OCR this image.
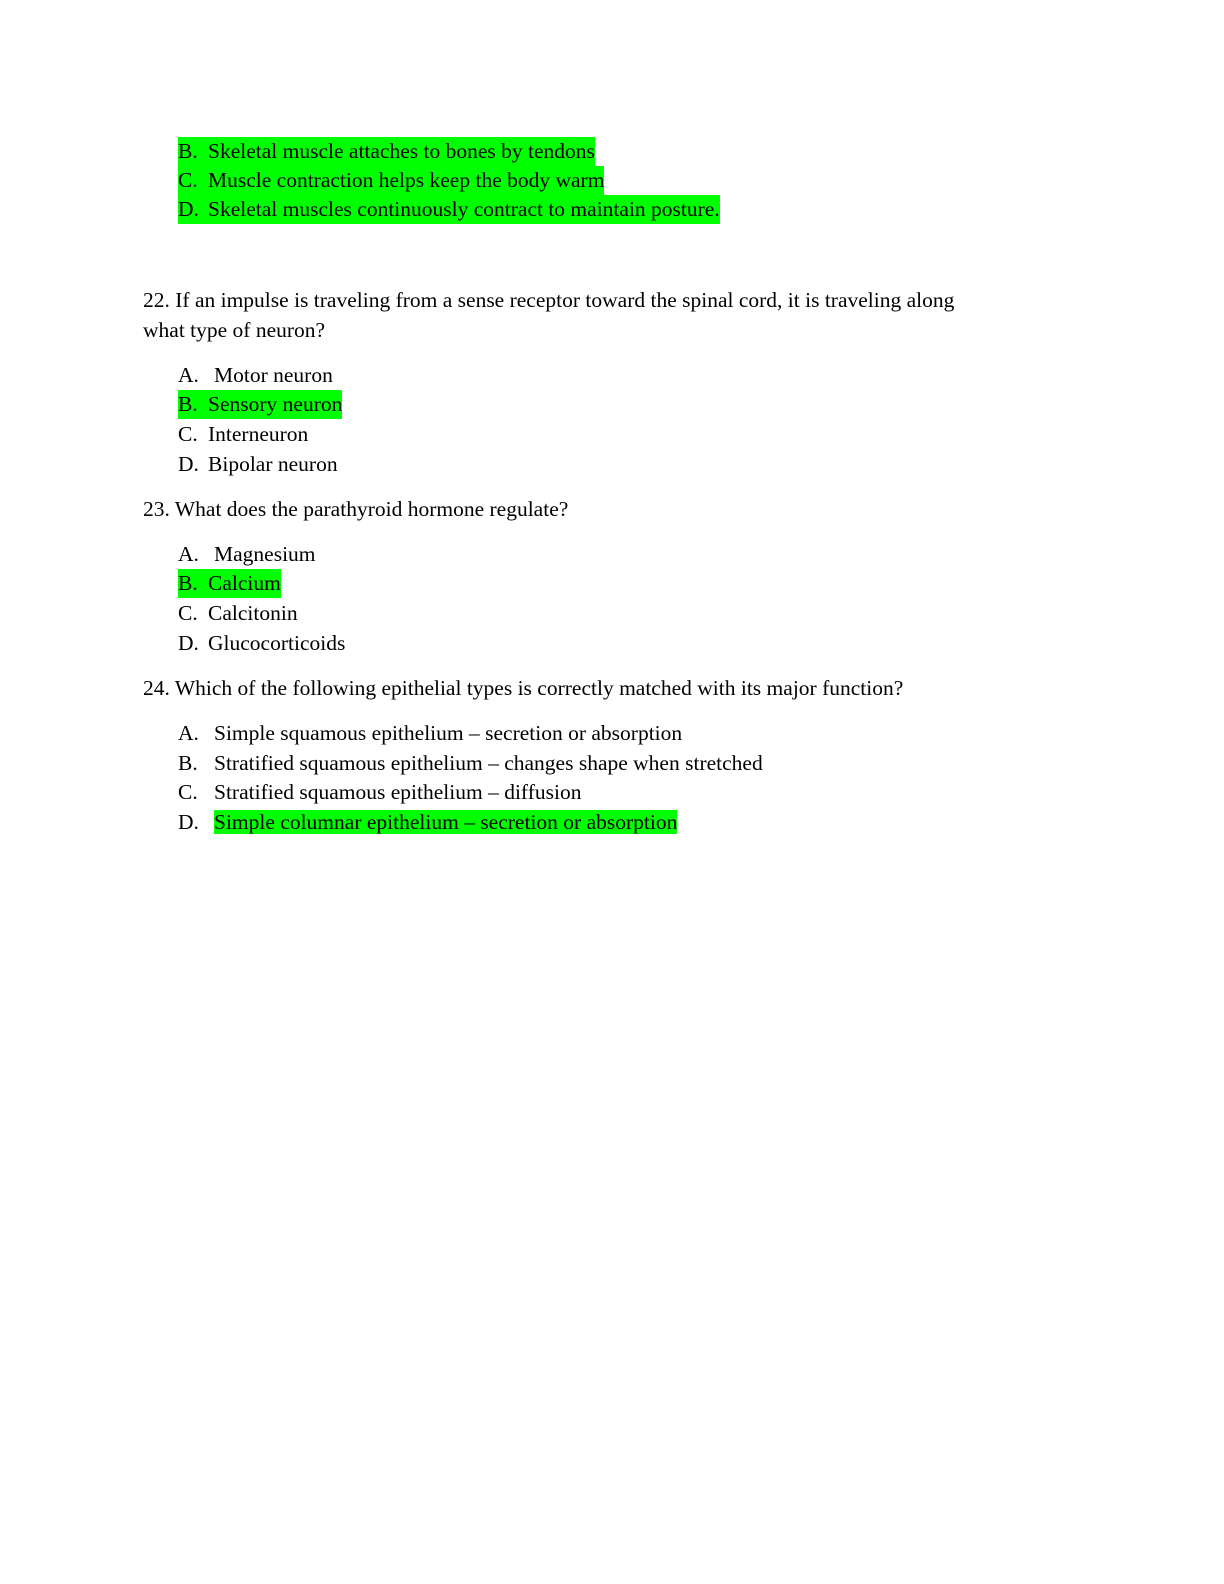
B. Skeletal muscle attaches to bones by tendons
C. Muscle contraction helps keep the body warm
D. Skeletal muscles continuously contract to maintain posture.
22. If an impulse is traveling from a sense receptor toward the spinal cord, it is traveling along
what type of neuron?
A. Motor neuron
B. Sensory neuron
C. Interneuron
D. Bipolar neuron
23. What does the parathyroid hormone regulate?
A. Magnesium
B. Calcium
C. Calcitonin
D. Glucocorticoids
24. Which of the following epithelial types is correctly matched with its major function?
A. Simple squamous epithelium – secretion or absorption
B. Stratified squamous epithelium – changes shape when stretched
C. Stratified squamous epithelium – diffusion
D. Simple columnar epithelium – secretion or absorption
